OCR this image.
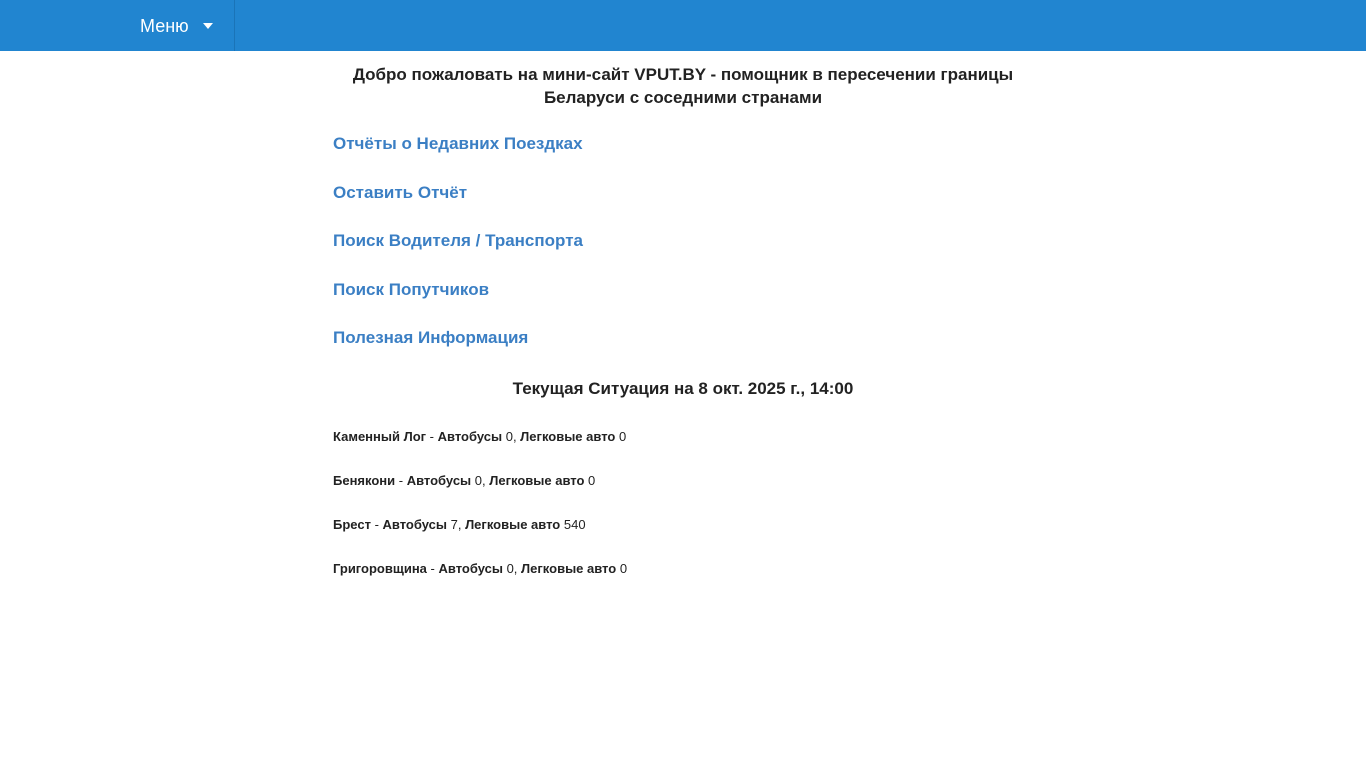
Меню
Добро пожаловать на мини-сайт VPUT.BY - помощник в пересечении границы Беларуси с соседними странами
Отчёты о Недавних Поездках
Оставить Отчёт
Поиск Водителя / Транспорта
Поиск Попутчиков
Полезная Информация
Текущая Ситуация на 8 окт. 2025 г., 14:00
Каменный Лог - Автобусы 0, Легковые авто 0
Бенякони - Автобусы 0, Легковые авто 0
Брест - Автобусы 7, Легковые авто 540
Григоровщина - Автобусы 0, Легковые авто 0
